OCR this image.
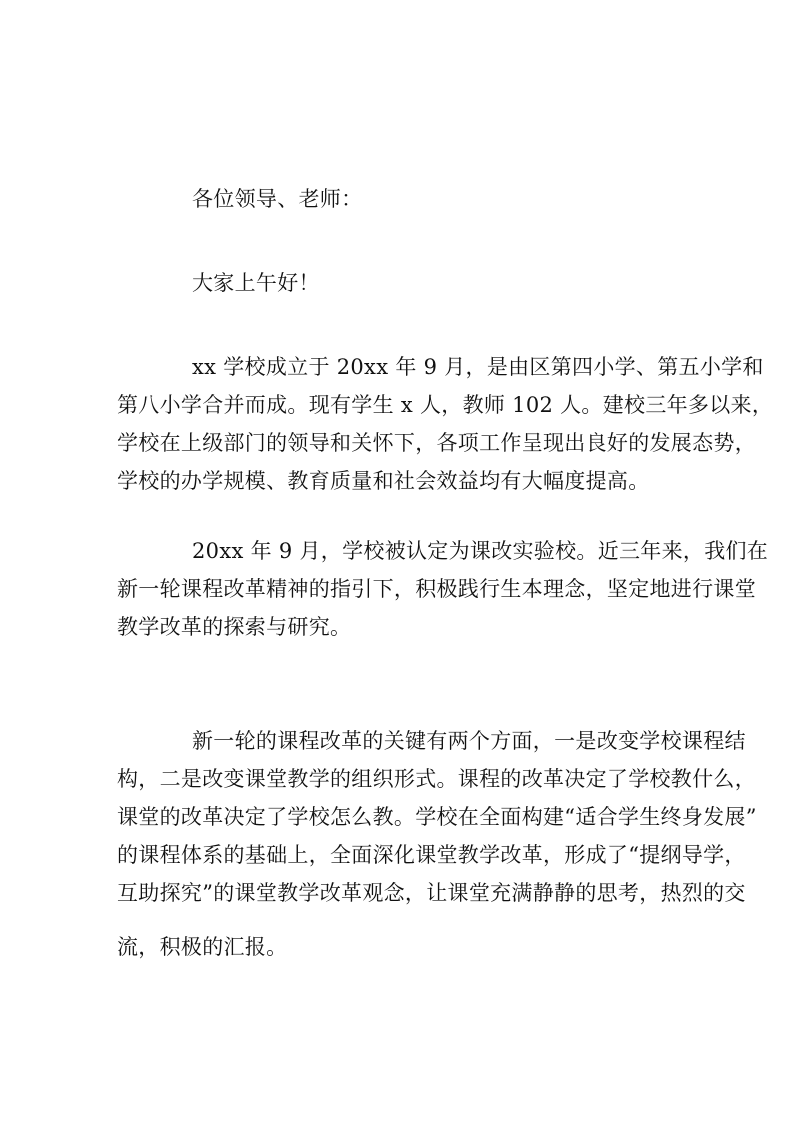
各位领导、老师：
大家上午好！
xx 学校成立于 20xx 年 9 月，是由区第四小学、第五小学和
第八小学合并而成。现有学生 x 人，教师 102 人。建校三年多以来，
学校在上级部门的领导和关怀下，各项工作呈现出良好的发展态势，
学校的办学规模、教育质量和社会效益均有大幅度提高。
20xx 年 9 月，学校被认定为课改实验校。近三年来，我们在
新一轮课程改革精神的指引下，积极践行生本理念，坚定地进行课堂
教学改革的探索与研究。
新一轮的课程改革的关键有两个方面，一是改变学校课程结
构，二是改变课堂教学的组织形式。课程的改革决定了学校教什么，
课堂的改革决定了学校怎么教。学校在全面构建“适合学生终身发展”
的课程体系的基础上，全面深化课堂教学改革，形成了“提纲导学，
互助探究”的课堂教学改革观念，让课堂充满静静的思考，热烈的交
流，积极的汇报。
